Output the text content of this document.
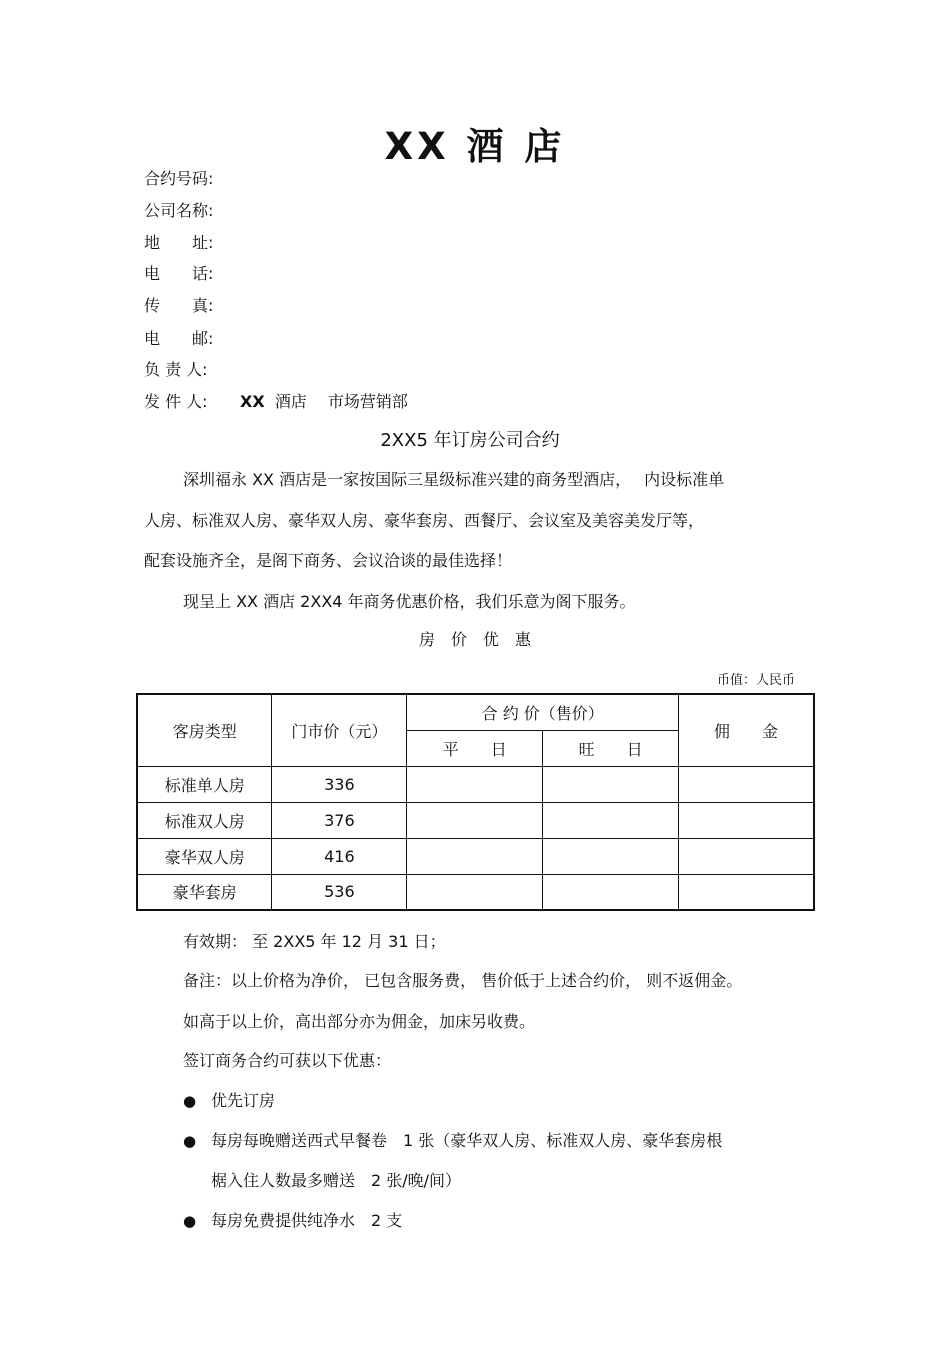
XX 酒 店
合约号码:
公司名称:
地　　址:
电　　话:
传　　真:
电　　邮:
负 责 人:
发 件 人: XX 酒店　 市场营销部
2XX5 年订房公司合约
深圳福永 XX 酒店是一家按国际三星级标准兴建的商务型酒店，　 内设标准单
人房、标准双人房、豪华双人房、豪华套房、西餐厅、会议室及美容美发厅等，
配套设施齐全，是阁下商务、会议洽谈的最佳选择！
现呈上 XX 酒店 2XX4 年商务优惠价格，我们乐意为阁下服务。
房　价　优　惠
币值：人民币
客房类型	门市价（元）	合 约 价（售价）		佣　　金
		平　　日	旺　　日	
标准单人房	336			
标准双人房	376			
豪华双人房	416			
豪华套房	536			
有效期： 至 2XX5 年 12 月 31 日；
备注：以上价格为净价， 已包含服务费， 售价低于上述合约价， 则不返佣金。
如高于以上价，高出部分亦为佣金，加床另收费。
签订商务合约可获以下优惠：
● 优先订房
● 每房每晚赠送西式早餐卷　1 张（豪华双人房、标准双人房、豪华套房根
椐入住人数最多赠送　2 张/晚/间）
● 每房免费提供纯净水　2 支
